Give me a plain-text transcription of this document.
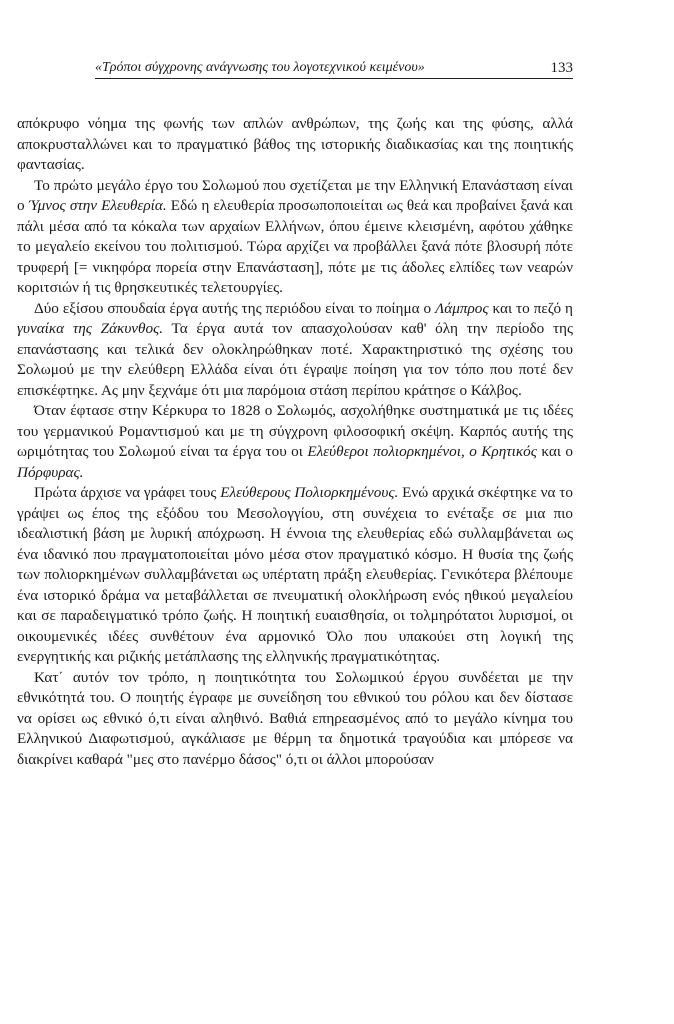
«Τρόποι σύγχρονης ανάγνωσης του λογοτεχνικού κειμένου»	133

απόκρυφο νόημα της φωνής των απλών ανθρώπων, της ζωής και της φύσης, αλλά αποκρυσταλλώνει και το πραγματικό βάθος της ιστορικής διαδικασίας και της ποιητικής φαντασίας.

Το πρώτο μεγάλο έργο του Σολωμού που σχετίζεται με την Ελληνική Επανάσταση είναι ο Ύμνος στην Ελευθερία. Εδώ η ελευθερία προσωποποιείται ως θεά και προβαίνει ξανά και πάλι μέσα από τα κόκαλα των αρχαίων Ελλήνων, όπου έμεινε κλεισμένη, αφότου χάθηκε το μεγαλείο εκείνου του πολιτισμού. Τώρα αρχίζει να προβάλλει ξανά πότε βλοσυρή πότε τρυφερή [= νικηφόρα πορεία στην Επανάσταση], πότε με τις άδολες ελπίδες των νεαρών κοριτσιών ή τις θρησκευτικές τελετουργίες.

Δύο εξίσου σπουδαία έργα αυτής της περιόδου είναι το ποίημα ο Λάμπρος και το πεζό η γυναίκα της Ζάκυνθος. Τα έργα αυτά τον απασχολούσαν καθ' όλη την περίοδο της επανάστασης και τελικά δεν ολοκληρώθηκαν ποτέ. Χαρακτηριστικό της σχέσης του Σολωμού με την ελεύθερη Ελλάδα είναι ότι έγραψε ποίηση για τον τόπο που ποτέ δεν επισκέφτηκε. Ας μην ξεχνάμε ότι μια παρόμοια στάση περίπου κράτησε ο Κάλβος.

Όταν έφτασε στην Κέρκυρα το 1828 ο Σολωμός, ασχολήθηκε συστηματικά με τις ιδέες του γερμανικού Ρομαντισμού και με τη σύγχρονη φιλοσοφική σκέψη. Καρπός αυτής της ωριμότητας του Σολωμού είναι τα έργα του οι Ελεύθεροι πολιορκημένοι, ο Κρητικός και ο Πόρφυρας.

Πρώτα άρχισε να γράφει τους Ελεύθερους Πολιορκημένους. Ενώ αρχικά σκέφτηκε να το γράψει ως έπος της εξόδου του Μεσολογγίου, στη συνέχεια το ενέταξε σε μια πιο ιδεαλιστική βάση με λυρική απόχρωση. Η έννοια της ελευθερίας εδώ συλλαμβάνεται ως ένα ιδανικό που πραγματοποιείται μόνο μέσα στον πραγματικό κόσμο. Η θυσία της ζωής των πολιορκημένων συλλαμβάνεται ως υπέρτατη πράξη ελευθερίας. Γενικότερα βλέπουμε ένα ιστορικό δράμα να μεταβάλλεται σε πνευματική ολοκλήρωση ενός ηθικού μεγαλείου και σε παραδειγματικό τρόπο ζωής. Η ποιητική ευαισθησία, οι τολμηρότατοι λυρισμοί, οι οικουμενικές ιδέες συνθέτουν ένα αρμονικό Όλο που υπακούει στη λογική της ενεργητικής και ριζικής μετάπλασης της ελληνικής πραγματικότητας.

Κατ΄ αυτόν τον τρόπο, η ποιητικότητα του Σολωμικού έργου συνδέεται με την εθνικότητά του. Ο ποιητής έγραφε με συνείδηση του εθνικού του ρόλου και δεν δίστασε να ορίσει ως εθνικό ό,τι είναι αληθινό. Βαθιά επηρεασμένος από το μεγάλο κίνημα του Ελληνικού Διαφωτισμού, αγκάλιασε με θέρμη τα δημοτικά τραγούδια και μπόρεσε να διακρίνει καθαρά "μες στο πανέρμο δάσος" ό,τι οι άλλοι μπορούσαν
